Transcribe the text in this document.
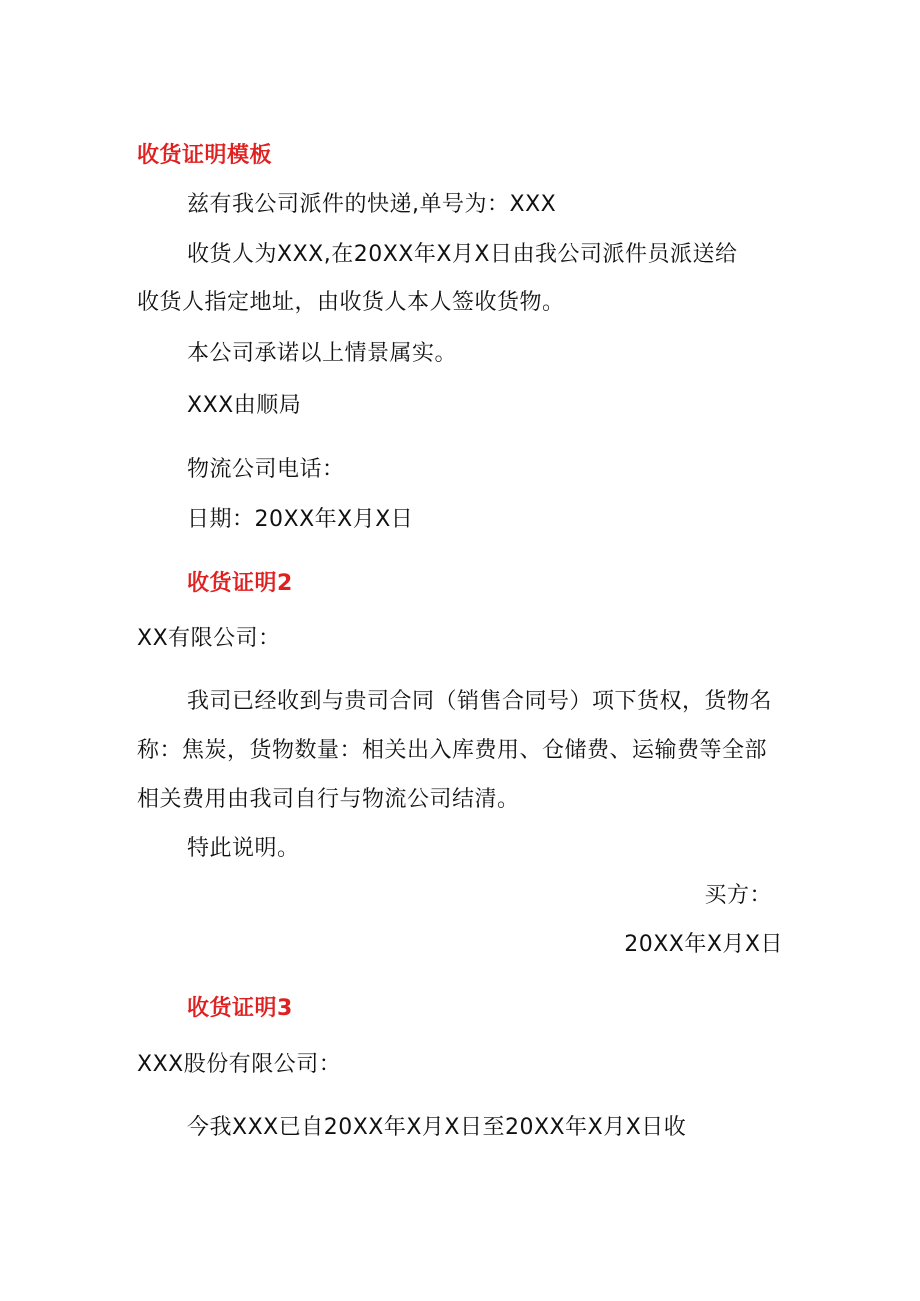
收货证明模板
兹有我公司派件的快递,单号为：XXX
收货人为XXX,在20XX年X月X日由我公司派件员派送给
收货人指定地址，由收货人本人签收货物。
本公司承诺以上情景属实。
XXX由顺局
物流公司电话：
日期：20XX年X月X日
收货证明2
XX有限公司：
我司已经收到与贵司合同（销售合同号）项下货权，货物名
称：焦炭，货物数量：相关出入库费用、仓储费、运输费等全部
相关费用由我司自行与物流公司结清。
特此说明。
买方：
20XX年X月X日
收货证明3
XXX股份有限公司：
今我XXX已自20XX年X月X日至20XX年X月X日收
